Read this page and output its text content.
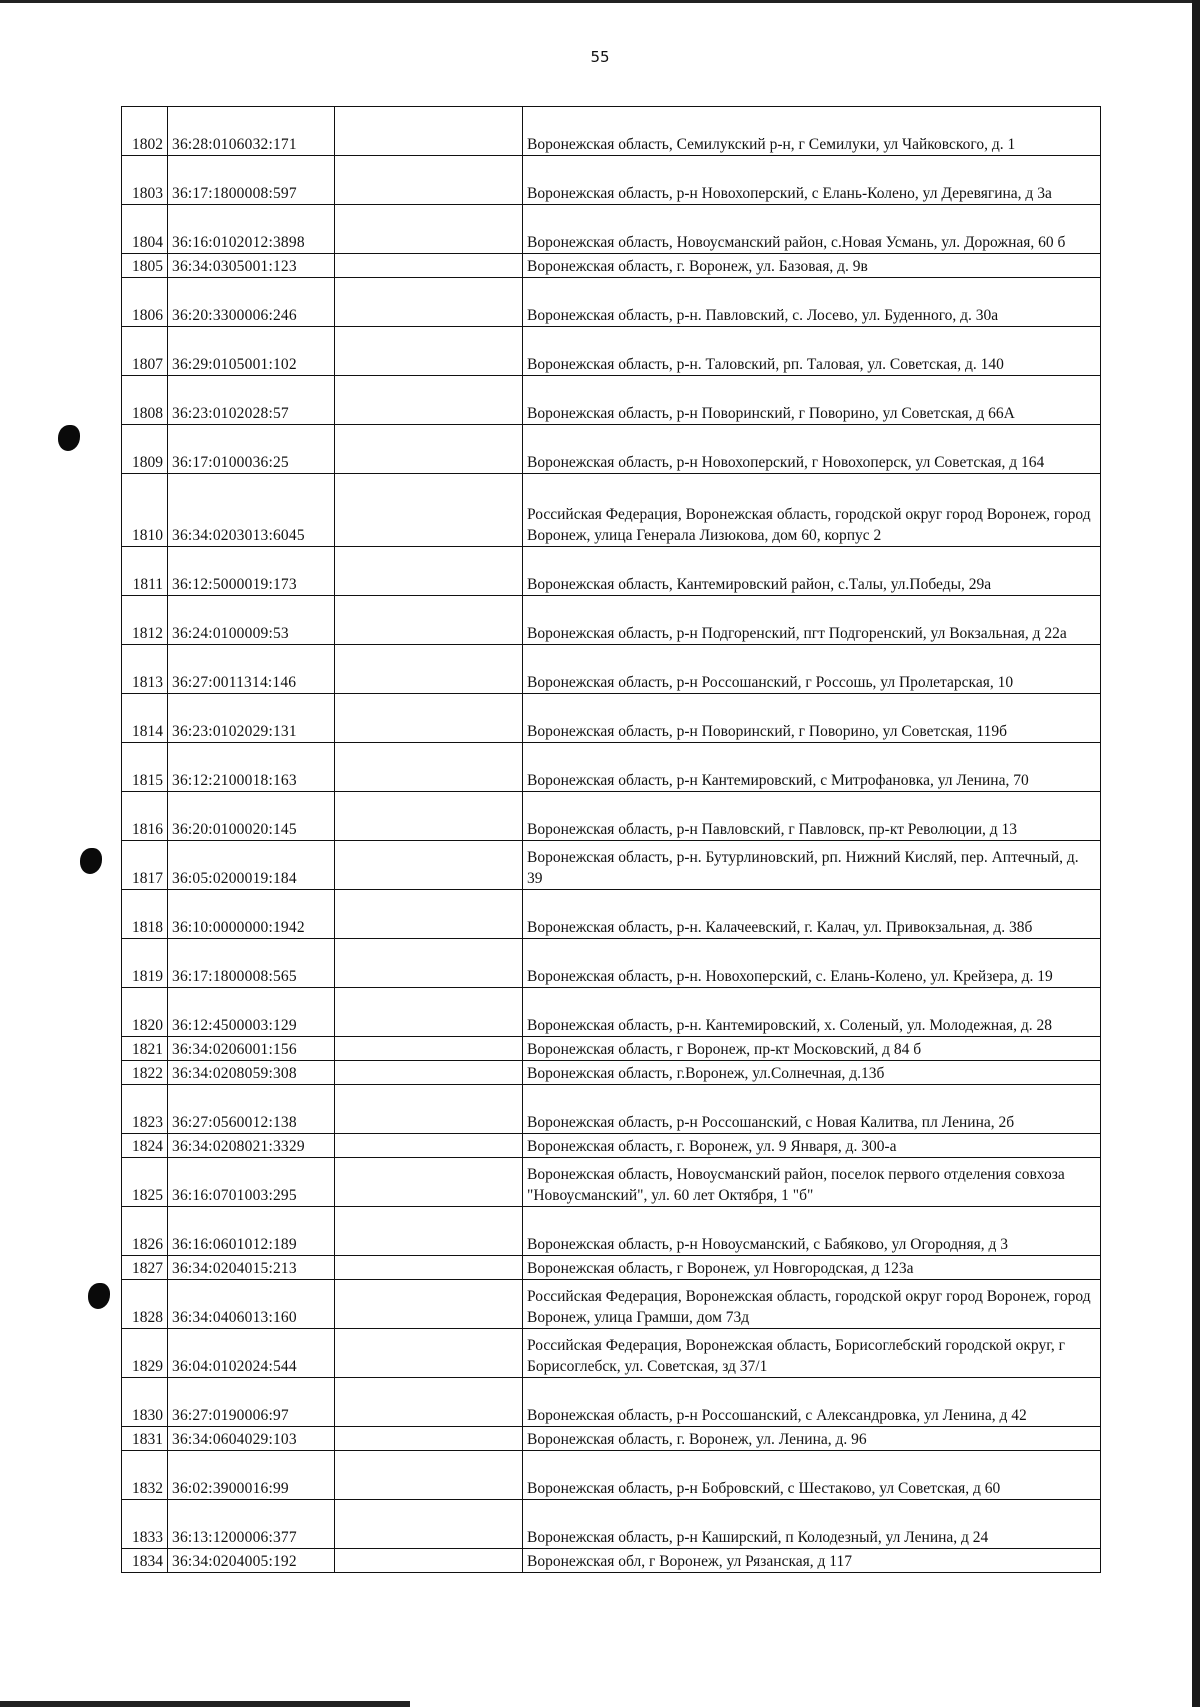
55
1802	36:28:0106032:171		Воронежская область, Семилукский р-н, г Семилуки, ул Чайковского, д. 1
1803	36:17:1800008:597		Воронежская область, р-н Новохоперский, с Елань-Колено, ул Деревягина, д 3а
1804	36:16:0102012:3898		Воронежская область, Новоусманский район, с.Новая Усмань, ул. Дорожная, 60 б
1805	36:34:0305001:123		Воронежская область, г. Воронеж, ул. Базовая, д. 9в
1806	36:20:3300006:246		Воронежская область, р-н. Павловский, с. Лосево, ул. Буденного, д. 30а
1807	36:29:0105001:102		Воронежская область, р-н. Таловский, рп. Таловая, ул. Советская, д. 140
1808	36:23:0102028:57		Воронежская область, р-н Поворинский, г Поворино, ул Советская, д 66А
1809	36:17:0100036:25		Воронежская область, р-н Новохоперский, г Новохоперск, ул Советская, д 164
1810	36:34:0203013:6045		Российская Федерация, Воронежская область, городской округ город Воронеж, город Воронеж, улица Генерала Лизюкова, дом 60, корпус 2
1811	36:12:5000019:173		Воронежская область, Кантемировский район, с.Талы, ул.Победы, 29а
1812	36:24:0100009:53		Воронежская область, р-н Подгоренский, пгт Подгоренский, ул Вокзальная, д 22а
1813	36:27:0011314:146		Воронежская область, р-н Россошанский, г Россошь, ул Пролетарская, 10
1814	36:23:0102029:131		Воронежская область, р-н Поворинский, г Поворино, ул Советская, 119б
1815	36:12:2100018:163		Воронежская область, р-н Кантемировский, с Митрофановка, ул Ленина, 70
1816	36:20:0100020:145		Воронежская область, р-н Павловский, г Павловск, пр-кт Революции, д 13
1817	36:05:0200019:184		Воронежская область, р-н. Бутурлиновский, рп. Нижний Кисляй, пер. Аптечный, д. 39
1818	36:10:0000000:1942		Воронежская область, р-н. Калачеевский, г. Калач, ул. Привокзальная, д. 38б
1819	36:17:1800008:565		Воронежская область, р-н. Новохоперский, с. Елань-Колено, ул. Крейзера, д. 19
1820	36:12:4500003:129		Воронежская область, р-н. Кантемировский, х. Соленый, ул. Молодежная, д. 28
1821	36:34:0206001:156		Воронежская область, г Воронеж, пр-кт Московский, д 84 б
1822	36:34:0208059:308		Воронежская область, г.Воронеж, ул.Солнечная, д.13б
1823	36:27:0560012:138		Воронежская область, р-н Россошанский, с Новая Калитва, пл Ленина, 2б
1824	36:34:0208021:3329		Воронежская область, г. Воронеж, ул. 9 Января, д. 300-а
1825	36:16:0701003:295		Воронежская область, Новоусманский район, поселок первого отделения совхоза "Новоусманский", ул. 60 лет Октября, 1 "б"
1826	36:16:0601012:189		Воронежская область, р-н Новоусманский, с Бабяково, ул Огородняя, д 3
1827	36:34:0204015:213		Воронежская область, г Воронеж, ул Новгородская, д 123а
1828	36:34:0406013:160		Российская Федерация, Воронежская область, городской округ город Воронеж, город Воронеж, улица Грамши, дом 73д
1829	36:04:0102024:544		Российская Федерация, Воронежская область, Борисоглебский городской округ, г Борисоглебск, ул. Советская, зд 37/1
1830	36:27:0190006:97		Воронежская область, р-н Россошанский, с Александровка, ул Ленина, д 42
1831	36:34:0604029:103		Воронежская область, г. Воронеж, ул. Ленина, д. 96
1832	36:02:3900016:99		Воронежская область, р-н Бобровский, с Шестаково, ул Советская, д 60
1833	36:13:1200006:377		Воронежская область, р-н Каширский, п Колодезный, ул Ленина, д 24
1834	36:34:0204005:192		Воронежская обл, г Воронеж, ул Рязанская, д 117
